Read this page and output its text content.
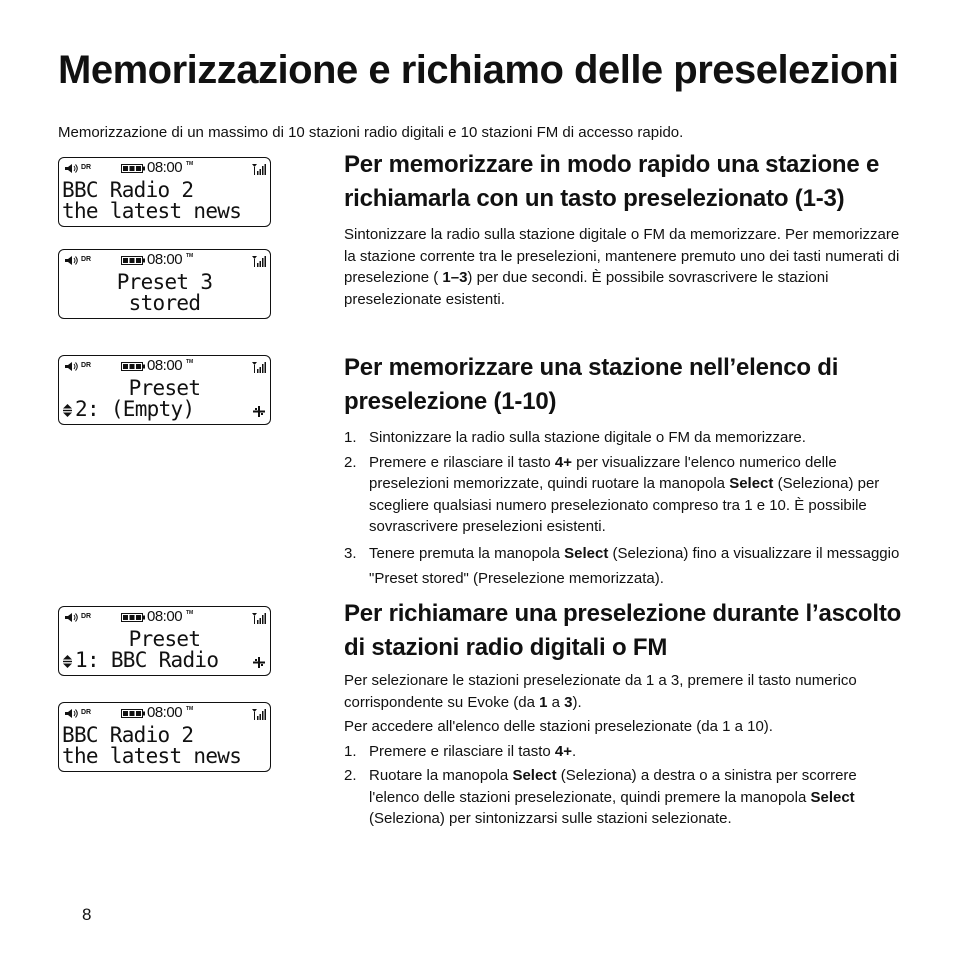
Memorizzazione e richiamo delle preselezioni

Memorizzazione di un massimo di 10 stazioni radio digitali e 10 stazioni FM di accesso rapido.

DR	08:00 TM
BBC Radio 2
the latest news
DR	08:00 TM
Preset 3
stored
DR	08:00 TM
Preset
2: (Empty)
DR	08:00 TM
Preset
1: BBC Radio
DR	08:00 TM
BBC Radio 2
the latest news
Per memorizzare in modo rapido una stazione e richiamarla con un tasto preselezionato (1-3)

Sintonizzare la radio sulla stazione digitale o FM da memorizzare. Per memorizzare la stazione corrente tra le preselezioni, mantenere premuto uno dei tasti numerati di preselezione ( 1–3) per due secondi. È possibile sovrascrivere le stazioni preselezionate esistenti.

Per memorizzare una stazione nell’elenco di preselezione (1-10)
1. Sintonizzare la radio sulla stazione digitale o FM da memorizzare.
2. Premere e rilasciare il tasto 4+ per visualizzare l'elenco numerico delle preselezioni memorizzate, quindi ruotare la manopola Select (Seleziona) per scegliere qualsiasi numero preselezionato compreso tra 1 e 10. È possibile sovrascrivere preselezioni esistenti.
3. Tenere premuta la manopola Select (Seleziona) fino a visualizzare il messaggio "Preset stored" (Preselezione memorizzata).
Per richiamare una preselezione durante l’ascolto di stazioni radio digitali o FM

Per selezionare le stazioni preselezionate da 1 a 3, premere il tasto numerico corrispondente su Evoke (da 1 a 3).

Per accedere all'elenco delle stazioni preselezionate (da 1 a 10).

1. Premere e rilasciare il tasto 4+.
2. Ruotare la manopola Select (Seleziona) a destra o a sinistra per scorrere l'elenco delle stazioni preselezionate, quindi premere la manopola Select (Seleziona) per sintonizzarsi sulle stazioni selezionate.
8
